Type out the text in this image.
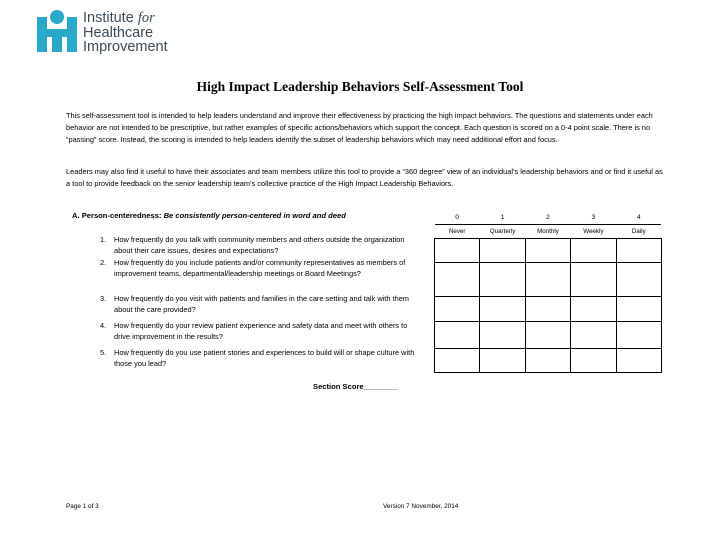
Institute for
Healthcare
Improvement
High Impact Leadership Behaviors Self-Assessment Tool
This self-assessment tool is intended to help leaders understand and improve their effectiveness by practicing the high impact behaviors. The questions and statements under each behavior are not intended to be prescriptive, but rather examples of specific actions/behaviors which support the concept. Each question is scored on a 0-4 point scale. There is no “passing” score. Instead, the scoring is intended to help leaders identify the subset of leadership behaviors which may need additional effort and focus.
Leaders may also find it useful to have their associates and team members utilize this tool to provide a “360 degree” view of an individual’s leadership behaviors and or find it useful as a tool to provide feedback on the senior leadership team’s collective practice of the High Impact Leadership Behaviors.
A. Person-centeredness: Be consistently person-centered in word and deed
1.	How frequently do you talk with community members and others outside the organization about their care issues, desires and expectations?
2.	How frequently do you include patients and/or community representatives as members of improvement teams, departmental/leadership meetings or Board Meetings?
3.	How frequently do you visit with patients and families in the care setting and talk with them about the care provided?
4.	How frequently do your review patient experience and safety data and meet with others to drive improvement in the results?
5.	How frequently do you use patient stories and experiences to build will or shape culture with those you lead?
0	1	2	3	4
Never	Quarterly	Monthly	Weekly	Daily

Section Score________
Page 1 of 3	Version 7 November, 2014
